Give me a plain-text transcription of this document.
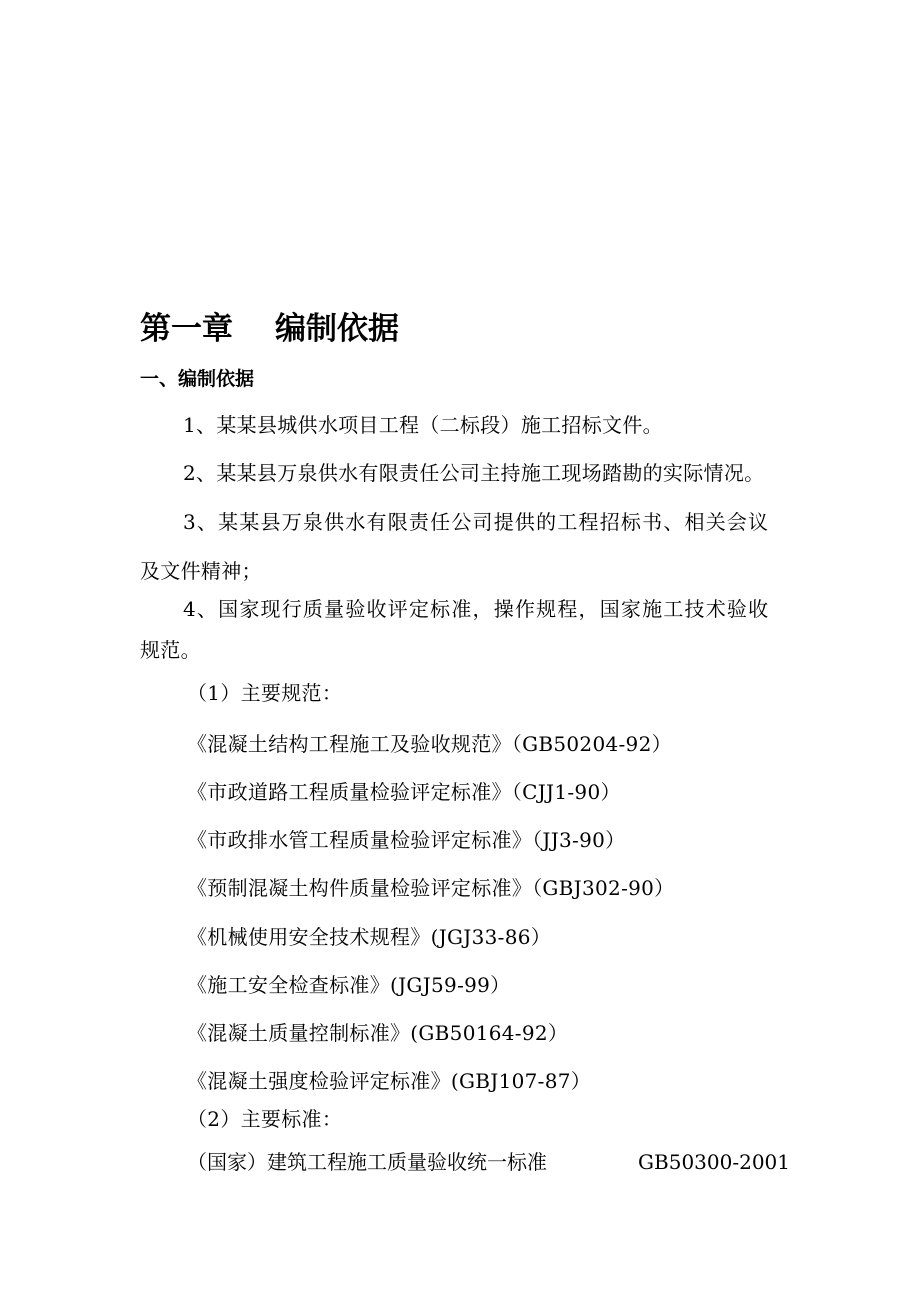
第一章 编制依据
一、编制依据
1、某某县城供水项目工程（二标段）施工招标文件。
2、某某县万泉供水有限责任公司主持施工现场踏勘的实际情况。
3、某某县万泉供水有限责任公司提供的工程招标书、相关会议
及文件精神；
4、国家现行质量验收评定标准，操作规程，国家施工技术验收
规范。
（1）主要规范：
《混凝土结构工程施工及验收规范》（GB50204-92）
《市政道路工程质量检验评定标准》（CJJ1-90）
《市政排水管工程质量检验评定标准》（JJ3-90）
《预制混凝土构件质量检验评定标准》（GBJ302-90）
《机械使用安全技术规程》(JGJ33-86）
《施工安全检查标准》(JGJ59-99）
《混凝土质量控制标准》(GB50164-92）
《混凝土强度检验评定标准》(GBJ107-87）
（2）主要标准：
（国家）建筑工程施工质量验收统一标准	GB50300-2001
